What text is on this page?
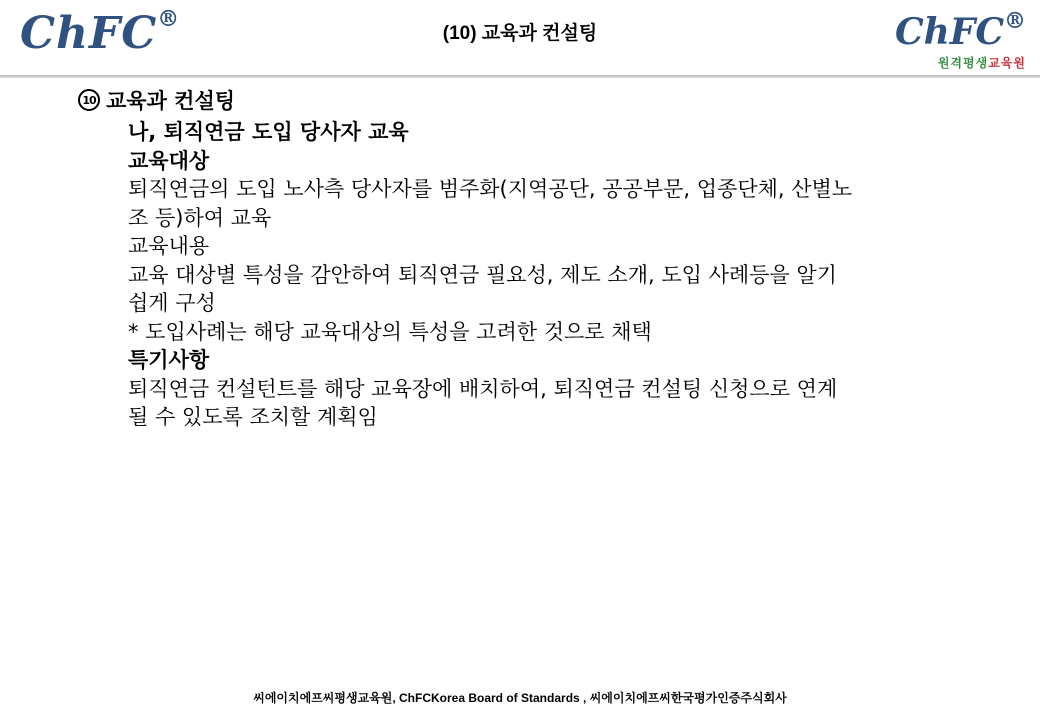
ChFC®
(10) 교육과 컨설팅	ChFC®
원격평생교육원
10 교육과 컨설팅
나, 퇴직연금 도입 당사자 교육
교육대상
퇴직연금의 도입 노사측 당사자를 범주화(지역공단, 공공부문, 업종단체, 산별노
조 등)하여 교육
교육내용
교육 대상별 특성을 감안하여 퇴직연금 필요성, 제도 소개, 도입 사례등을 알기
쉽게 구성
* 도입사례는 해당 교육대상의 특성을 고려한 것으로 채택
특기사항
퇴직연금 컨설턴트를 해당 교육장에 배치하여, 퇴직연금 컨설팅 신청으로 연계
될 수 있도록 조치할 계획임
씨에이치에프씨평생교육원, ChFCKorea Board of Standards , 씨에이치에프씨한국평가인증주식회사
